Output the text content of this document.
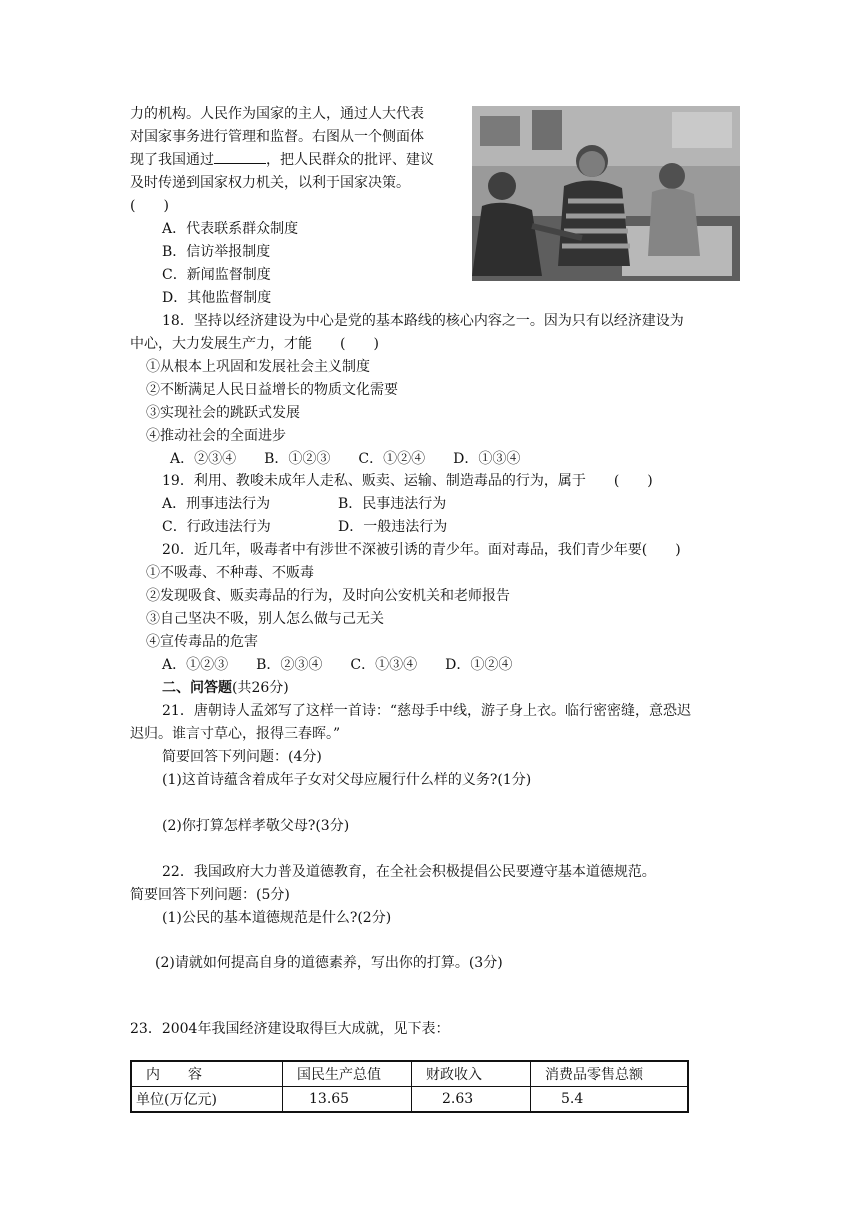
力的机构。人民作为国家的主人，通过人大代表
对国家事务进行管理和监督。右图从一个侧面体
现了我国通过	，把人民群众的批评、建议
及时传递到国家权力机关，以利于国家决策。
(　　)
A．代表联系群众制度
B．信访举报制度
C．新闻监督制度
D．其他监督制度
18．坚持以经济建设为中心是党的基本路线的核心内容之一。因为只有以经济建设为
中心，大力发展生产力，才能　　(　　)
①从根本上巩固和发展社会主义制度
②不断满足人民日益增长的物质文化需要
③实现社会的跳跃式发展
④推动社会的全面进步
A．②③④　　B．①②③　　C．①②④　　D．①③④
19．利用、教唆未成年人走私、贩卖、运输、制造毒品的行为，属于　　(　　)
A．刑事违法行为	B．民事违法行为
C．行政违法行为	D．一般违法行为
20．近几年，吸毒者中有涉世不深被引诱的青少年。面对毒品，我们青少年要(　　)
①不吸毒、不种毒、不贩毒
②发现吸食、贩卖毒品的行为，及时向公安机关和老师报告
③自己坚决不吸，别人怎么做与己无关
④宣传毒品的危害
A．①②③　　B．②③④　　C．①③④　　D．①②④
二、问答题(共26分)
21．唐朝诗人孟郊写了这样一首诗：“慈母手中线，游子身上衣。临行密密缝，意恐迟
迟归。谁言寸草心，报得三春晖。”
简要回答下列问题：(4分)
(1)这首诗蕴含着成年子女对父母应履行什么样的义务?(1分)
(2)你打算怎样孝敬父母?(3分)
22．我国政府大力普及道德教育，在全社会积极提倡公民要遵守基本道德规范。
简要回答下列问题：(5分)
(1)公民的基本道德规范是什么?(2分)
(2)请就如何提高自身的道德素养，写出你的打算。(3分)
23．2004年我国经济建设取得巨大成就，见下表：
内　　容	国民生产总值	财政收入	消费品零售总额
单位(万亿元)	13.65	2.63	5.4
